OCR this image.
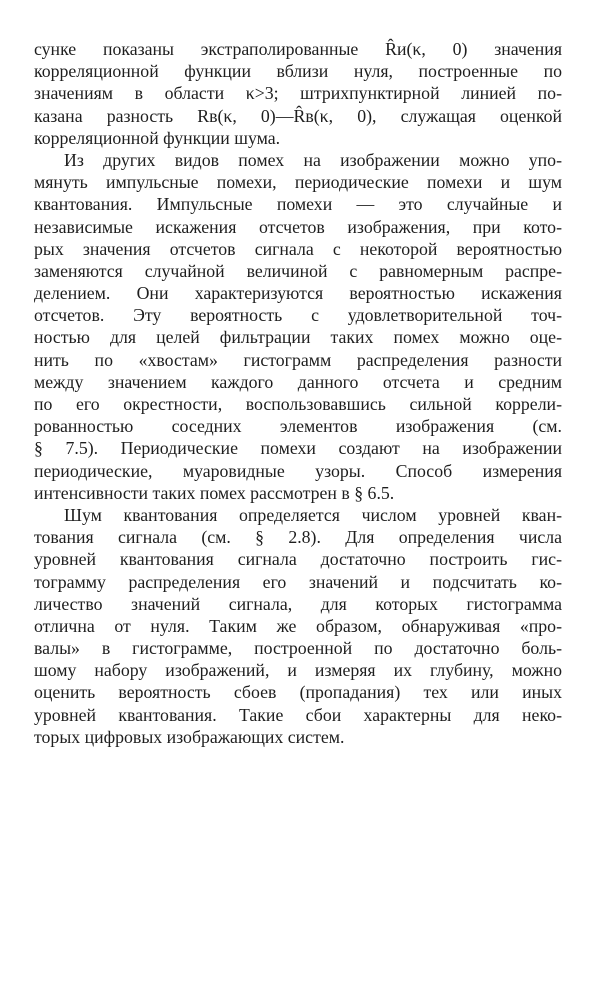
сунке показаны экстраполированные R̂и(κ, 0) значения
корреляционной функции вблизи нуля, построенные по
значениям в области κ>3; штрихпунктирной линией по-
казана разность Rв(κ, 0)—R̂в(κ, 0), служащая оценкой
корреляционной функции шума.
Из других видов помех на изображении можно упо-
мянуть импульсные помехи, периодические помехи и шум
квантования. Импульсные помехи — это случайные и
независимые искажения отсчетов изображения, при кото-
рых значения отсчетов сигнала с некоторой вероятностью
заменяются случайной величиной с равномерным распре-
делением. Они характеризуются вероятностью искажения
отсчетов. Эту вероятность с удовлетворительной точ-
ностью для целей фильтрации таких помех можно оце-
нить по «хвостам» гистограмм распределения разности
между значением каждого данного отсчета и средним
по его окрестности, воспользовавшись сильной коррели-
рованностью соседних элементов изображения (см.
§ 7.5). Периодические помехи создают на изображении
периодические, муаровидные узоры. Способ измерения
интенсивности таких помех рассмотрен в § 6.5.
Шум квантования определяется числом уровней кван-
тования сигнала (см. § 2.8). Для определения числа
уровней квантования сигнала достаточно построить гис-
тограмму распределения его значений и подсчитать ко-
личество значений сигнала, для которых гистограмма
отлична от нуля. Таким же образом, обнаруживая «про-
валы» в гистограмме, построенной по достаточно боль-
шому набору изображений, и измеряя их глубину, можно
оценить вероятность сбоев (пропадания) тех или иных
уровней квантования. Такие сбои характерны для неко-
торых цифровых изображающих систем.
